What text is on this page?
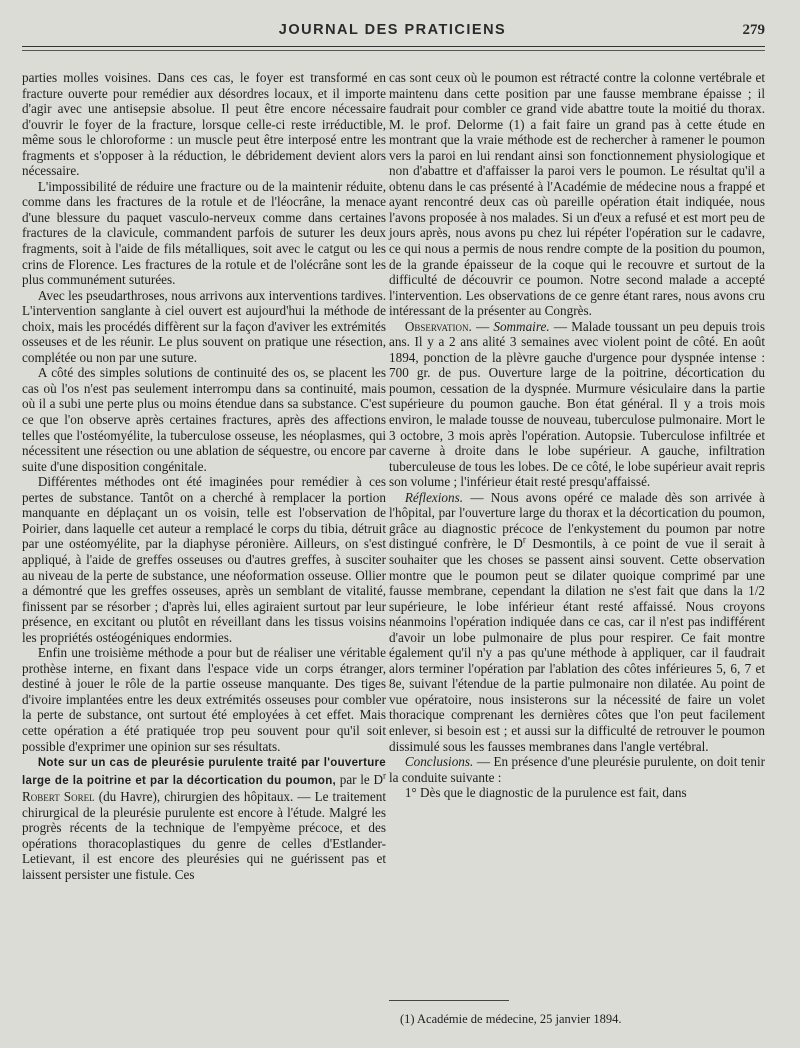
JOURNAL DES PRATICIENS	279

parties molles voisines. Dans ces cas, le foyer est transformé en fracture ouverte pour remédier aux désordres locaux, et il importe d'agir avec une antisepsie absolue. Il peut être encore nécessaire d'ouvrir le foyer de la fracture, lorsque celle-ci reste irréductible, même sous le chloroforme : un muscle peut être interposé entre les fragments et s'opposer à la réduction, le débridement devient alors nécessaire.

L'impossibilité de réduire une fracture ou de la maintenir réduite, comme dans les fractures de la rotule et de l'léocrâne, la menace d'une blessure du paquet vasculo-nerveux comme dans certaines fractures de la clavicule, commandent parfois de suturer les deux fragments, soit à l'aide de fils métalliques, soit avec le catgut ou les crins de Florence. Les fractures de la rotule et de l'olécrâne sont les plus communément suturées.

Avec les pseudarthroses, nous arrivons aux interventions tardives. L'intervention sanglante à ciel ouvert est aujourd'hui la méthode de choix, mais les procédés diffèrent sur la façon d'aviver les extrémités osseuses et de les réunir. Le plus souvent on pratique une résection, complétée ou non par une suture.

A côté des simples solutions de continuité des os, se placent les cas où l'os n'est pas seulement interrompu dans sa continuité, mais où il a subi une perte plus ou moins étendue dans sa substance. C'est ce que l'on observe après certaines fractures, après des affections telles que l'ostéomyélite, la tuberculose osseuse, les néoplasmes, qui nécessitent une résection ou une ablation de séquestre, ou encore par suite d'une disposition congénitale.

Différentes méthodes ont été imaginées pour remédier à ces pertes de substance. Tantôt on a cherché à remplacer la portion manquante en déplaçant un os voisin, telle est l'observation de Poirier, dans laquelle cet auteur a remplacé le corps du tibia, détruit par une ostéomyélite, par la diaphyse péronière. Ailleurs, on s'est appliqué, à l'aide de greffes osseuses ou d'autres greffes, à susciter au niveau de la perte de substance, une néoformation osseuse. Ollier a démontré que les greffes osseuses, après un semblant de vitalité, finissent par se résorber ; d'après lui, elles agiraient surtout par leur présence, en excitant ou plutôt en réveillant dans les tissus voisins les propriétés ostéogéniques endormies.

Enfin une troisième méthode a pour but de réaliser une véritable prothèse interne, en fixant dans l'espace vide un corps étranger, destiné à jouer le rôle de la partie osseuse manquante. Des tiges d'ivoire implantées entre les deux extrémités osseuses pour combler la perte de substance, ont surtout été employées à cet effet. Mais cette opération a été pratiquée trop peu souvent pour qu'il soit possible d'exprimer une opinion sur ses résultats.

Note sur un cas de pleurésie purulente traité par l'ouverture large de la poitrine et par la décortication du poumon, par le $D^r$ Robert Sorel (du Havre), chirurgien des hôpitaux. — Le traitement chirurgical de la pleurésie purulente est encore à l'étude. Malgré les progrès récents de la technique de l'empyème précoce, et des opérations thoracoplastiques du genre de celles d'Estlander-Letievant, il est encore des pleurésies qui ne guérissent pas et laissent persister une fistule. Ces

cas sont ceux où le poumon est rétracté contre la colonne vertébrale et maintenu dans cette position par une fausse membrane épaisse ; il faudrait pour combler ce grand vide abattre toute la moitié du thorax. M. le prof. Delorme (1) a fait faire un grand pas à cette étude en montrant que la vraie méthode est de rechercher à ramener le poumon vers la paroi en lui rendant ainsi son fonctionnement physiologique et non d'abattre et d'affaisser la paroi vers le poumon. Le résultat qu'il a obtenu dans le cas présenté à l'Académie de médecine nous a frappé et ayant rencontré deux cas où pareille opération était indiquée, nous l'avons proposée à nos malades. Si un d'eux a refusé et est mort peu de jours après, nous avons pu chez lui répéter l'opération sur le cadavre, ce qui nous a permis de nous rendre compte de la position du poumon, de la grande épaisseur de la coque qui le recouvre et surtout de la difficulté de découvrir ce poumon. Notre second malade a accepté l'intervention. Les observations de ce genre étant rares, nous avons cru intéressant de la présenter au Congrès.

Observation. — Sommaire. — Malade toussant un peu depuis trois ans. Il y a 2 ans alité 3 semaines avec violent point de côté. En août 1894, ponction de la plèvre gauche d'urgence pour dyspnée intense : 700 gr. de pus. Ouverture large de la poitrine, décortication du poumon, cessation de la dyspnée. Murmure vésiculaire dans la partie supérieure du poumon gauche. Bon état général. Il y a trois mois environ, le malade tousse de nouveau, tuberculose pulmonaire. Mort le 3 octobre, 3 mois après l'opération. Autopsie. Tuberculose infiltrée et caverne à droite dans le lobe supérieur. A gauche, infiltration tuberculeuse de tous les lobes. De ce côté, le lobe supérieur avait repris son volume ; l'inférieur était resté presqu'affaissé.

Réflexions. — Nous avons opéré ce malade dès son arrivée à l'hôpital, par l'ouverture large du thorax et la décortication du poumon, grâce au diagnostic précoce de l'enkystement du poumon par notre distingué confrère, le $D^r$ Desmontils, à ce point de vue il serait à souhaiter que les choses se passent ainsi souvent. Cette observation montre que le poumon peut se dilater quoique comprimé par une fausse membrane, cependant la dilation ne s'est fait que dans la 1/2 supérieure, le lobe inférieur étant resté affaissé. Nous croyons néanmoins l'opération indiquée dans ce cas, car il n'est pas indifférent d'avoir un lobe pulmonaire de plus pour respirer. Ce fait montre également qu'il n'y a pas qu'une méthode à appliquer, car il faudrait alors terminer l'opération par l'ablation des côtes inférieures 5, 6, 7 et 8e, suivant l'étendue de la partie pulmonaire non dilatée. Au point de vue opératoire, nous insisterons sur la nécessité de faire un volet thoracique comprenant les dernières côtes que l'on peut facilement enlever, si besoin est ; et aussi sur la difficulté de retrouver le poumon dissimulé sous les fausses membranes dans l'angle vertébral.

Conclusions. — En présence d'une pleurésie purulente, on doit tenir la conduite suivante :

1° Dès que le diagnostic de la purulence est fait, dans

(1) Académie de médecine, 25 janvier 1894.
